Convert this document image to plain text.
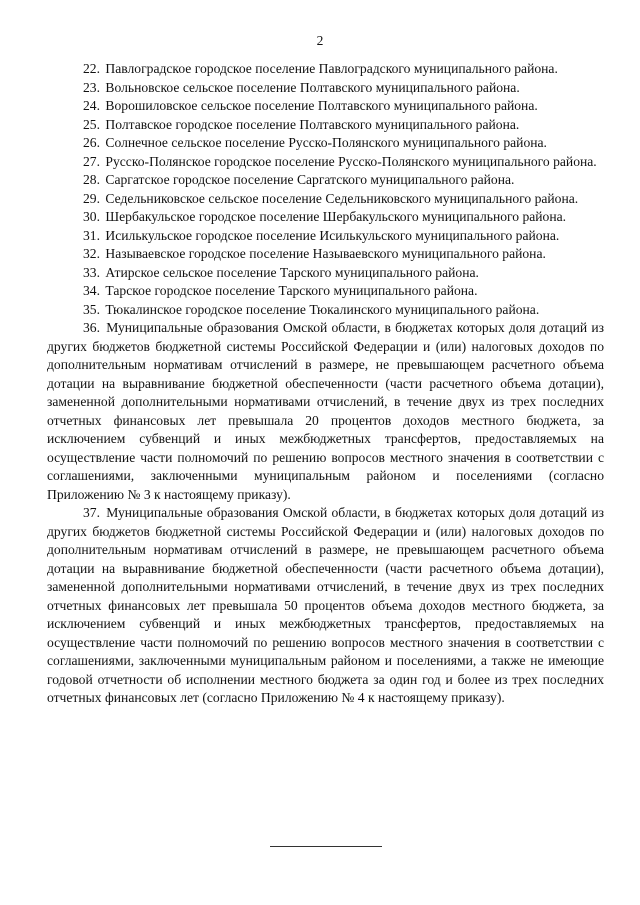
2

22. Павлоградское городское поселение Павлоградского муниципального района.

23. Вольновское сельское поселение Полтавского муниципального района.

24. Ворошиловское сельское поселение Полтавского муниципального района.

25. Полтавское городское поселение Полтавского муниципального района.

26. Солнечное сельское поселение Русско-Полянского муниципального района.

27. Русско-Полянское городское поселение Русско-Полянского муниципального района.

28. Саргатское городское поселение Саргатского муниципального района.

29. Седельниковское сельское поселение Седельниковского муниципального района.

30. Шербакульское городское поселение Шербакульского муниципального района.

31. Исилькульское городское поселение Исилькульского муниципального района.

32. Называевское городское поселение Называевского муниципального района.

33. Атирское сельское поселение Тарского муниципального района.

34. Тарское городское поселение Тарского муниципального района.

35. Тюкалинское городское поселение Тюкалинского муниципального района.

36. Муниципальные образования Омской области, в бюджетах которых доля дотаций из других бюджетов бюджетной системы Российской Федерации и (или) налоговых доходов по дополнительным нормативам отчислений в размере, не превышающем расчетного объема дотации на выравнивание бюджетной обеспеченности (части расчетного объема дотации), замененной дополнительными нормативами отчислений, в течение двух из трех последних отчетных финансовых лет превышала 20 процентов доходов местного бюджета, за исключением субвенций и иных межбюджетных трансфертов, предоставляемых на осуществление части полномочий по решению вопросов местного значения в соответствии с соглашениями, заключенными муниципальным районом и поселениями (согласно Приложению № 3 к настоящему приказу).

37. Муниципальные образования Омской области, в бюджетах которых доля дотаций из других бюджетов бюджетной системы Российской Федерации и (или) налоговых доходов по дополнительным нормативам отчислений в размере, не превышающем расчетного объема дотации на выравнивание бюджетной обеспеченности (части расчетного объема дотации), замененной дополнительными нормативами отчислений, в течение двух из трех последних отчетных финансовых лет превышала 50 процентов объема доходов местного бюджета, за исключением субвенций и иных межбюджетных трансфертов, предоставляемых на осуществление части полномочий по решению вопросов местного значения в соответствии с соглашениями, заключенными муниципальным районом и поселениями, а также не имеющие годовой отчетности об исполнении местного бюджета за один год и более из трех последних отчетных финансовых лет (согласно Приложению № 4 к настоящему приказу).
